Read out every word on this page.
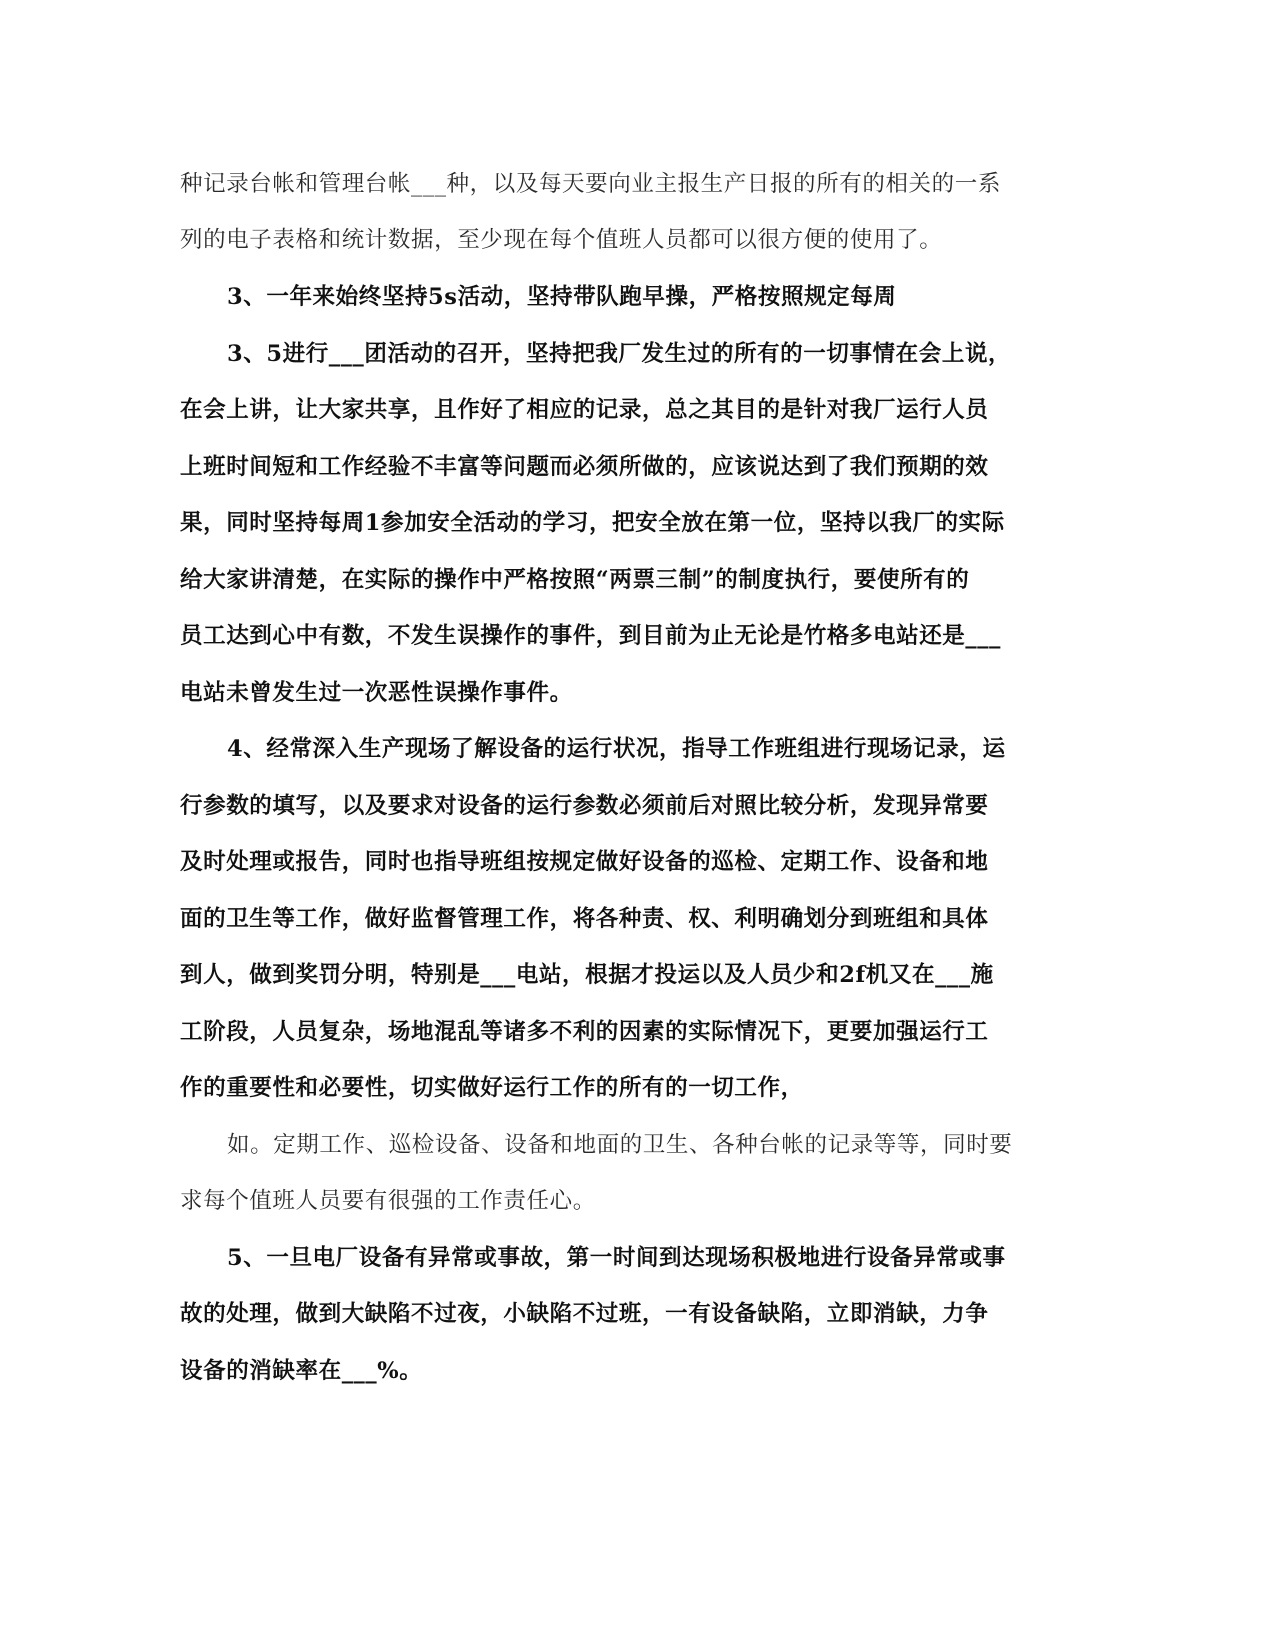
种记录台帐和管理台帐___种，以及每天要向业主报生产日报的所有的相关的一系

列的电子表格和统计数据，至少现在每个值班人员都可以很方便的使用了。

3、一年来始终坚持5s活动，坚持带队跑早操，严格按照规定每周

3、5进行___团活动的召开，坚持把我厂发生过的所有的一切事情在会上说，

在会上讲，让大家共享，且作好了相应的记录，总之其目的是针对我厂运行人员

上班时间短和工作经验不丰富等问题而必须所做的，应该说达到了我们预期的效

果，同时坚持每周1参加安全活动的学习，把安全放在第一位，坚持以我厂的实际

给大家讲清楚，在实际的操作中严格按照“两票三制”的制度执行，要使所有的

员工达到心中有数，不发生误操作的事件，到目前为止无论是竹格多电站还是___

电站未曾发生过一次恶性误操作事件。

4、经常深入生产现场了解设备的运行状况，指导工作班组进行现场记录，运

行参数的填写，以及要求对设备的运行参数必须前后对照比较分析，发现异常要

及时处理或报告，同时也指导班组按规定做好设备的巡检、定期工作、设备和地

面的卫生等工作，做好监督管理工作，将各种责、权、利明确划分到班组和具体

到人，做到奖罚分明，特别是___电站，根据才投运以及人员少和2f机又在___施

工阶段，人员复杂，场地混乱等诸多不利的因素的实际情况下，更要加强运行工

作的重要性和必要性，切实做好运行工作的所有的一切工作，

如。定期工作、巡检设备、设备和地面的卫生、各种台帐的记录等等，同时要

求每个值班人员要有很强的工作责任心。

5、一旦电厂设备有异常或事故，第一时间到达现场积极地进行设备异常或事

故的处理，做到大缺陷不过夜，小缺陷不过班，一有设备缺陷，立即消缺，力争

设备的消缺率在___%。
